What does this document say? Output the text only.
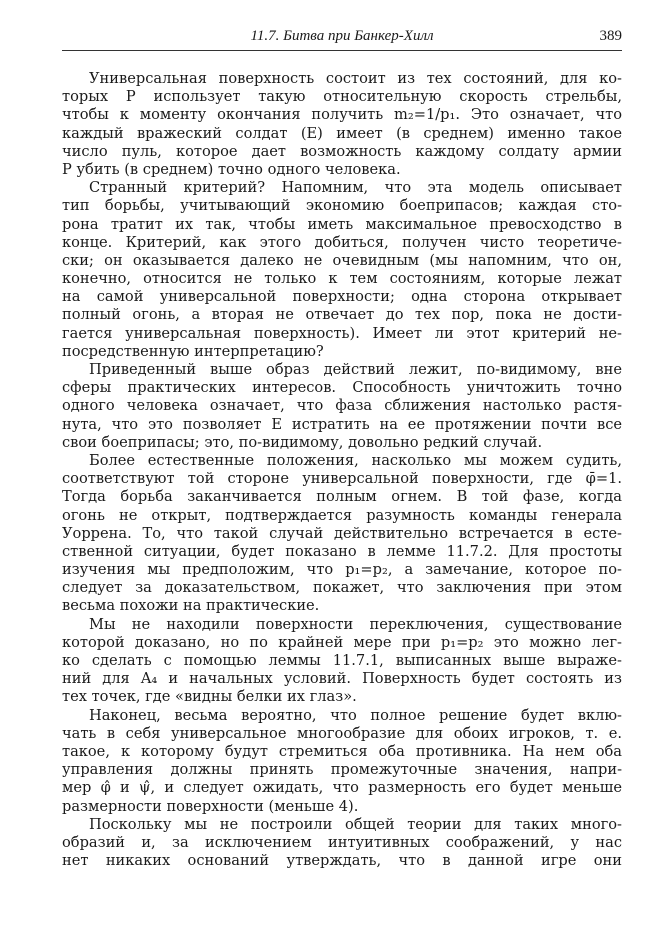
11.7. Битва при Банкер-Хилл	389
Универсальная поверхность состоит из тех состояний, для ко-
торых P использует такую относительную скорость стрельбы,
чтобы к моменту окончания получить m₂=1/p₁. Это означает, что
каждый вражеский солдат (E) имеет (в среднем) именно такое
число пуль, которое дает возможность каждому солдату армии
P убить (в среднем) точно одного человека.
Странный критерий? Напомним, что эта модель описывает
тип борьбы, учитывающий экономию боеприпасов; каждая сто-
рона тратит их так, чтобы иметь максимальное превосходство в
конце. Критерий, как этого добиться, получен чисто теоретиче-
ски; он оказывается далеко не очевидным (мы напомним, что он,
конечно, относится не только к тем состояниям, которые лежат
на самой универсальной поверхности; одна сторона открывает
полный огонь, а вторая не отвечает до тех пор, пока не дости-
гается универсальная поверхность). Имеет ли этот критерий не-
посредственную интерпретацию?
Приведенный выше образ действий лежит, по-видимому, вне
сферы практических интересов. Способность уничтожить точно
одного человека означает, что фаза сближения настолько растя-
нута, что это позволяет E истратить на ее протяжении почти все
свои боеприпасы; это, по-видимому, довольно редкий случай.
Более естественные положения, насколько мы можем судить,
соответствуют той стороне универсальной поверхности, где φ̄=1.
Тогда борьба заканчивается полным огнем. В той фазе, когда
огонь не открыт, подтверждается разумность команды генерала
Уоррена. То, что такой случай действительно встречается в есте-
ственной ситуации, будет показано в лемме 11.7.2. Для простоты
изучения мы предположим, что p₁=p₂, а замечание, которое по-
следует за доказательством, покажет, что заключения при этом
весьма похожи на практические.
Мы не находили поверхности переключения, существование
которой доказано, но по крайней мере при p₁=p₂ это можно лег-
ко сделать с помощью леммы 11.7.1, выписанных выше выраже-
ний для A₄ и начальных условий. Поверхность будет состоять из
тех точек, где «видны белки их глаз».
Наконец, весьма вероятно, что полное решение будет вклю-
чать в себя универсальное многообразие для обоих игроков, т. е.
такое, к которому будут стремиться оба противника. На нем оба
управления должны принять промежуточные значения, напри-
мер φ̂ и ψ̂, и следует ожидать, что размерность его будет меньше
размерности поверхности (меньше 4).
Поскольку мы не построили общей теории для таких много-
образий и, за исключением интуитивных соображений, у нас
нет никаких оснований утверждать, что в данной игре они
